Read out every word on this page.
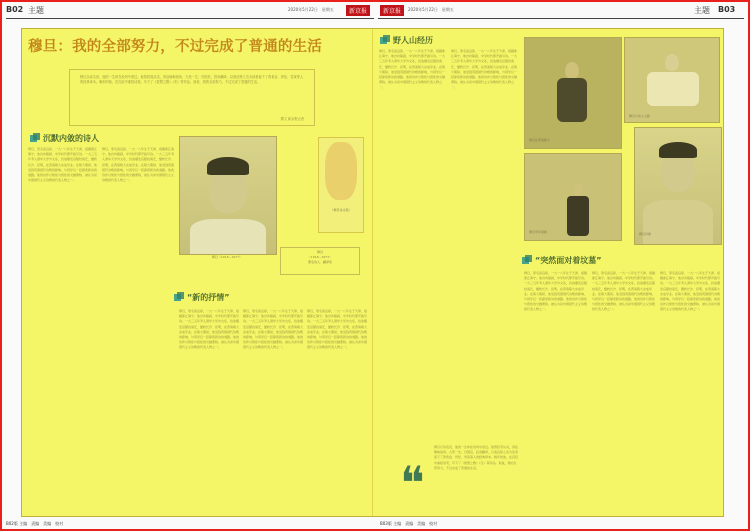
B02 主题	2020年5月22日　星期五	新京报	新京报	2020年5月22日　星期五	主题 B03
穆旦：我的全部努力，不过完成了普通的生活
穆旦以诗名世，他的一生却在坎坷中度过。他曾投笔从戎，奔赴缅甸战场，九死一生；归国后，投身翻译，以查良铮之名为读者留下了普希金、拜伦、雪莱等人的经典译本。晚年的他，在沉寂中重拾诗笔，写下了《智慧之歌》《冬》等作品。他说，我的全部努力，不过完成了普通的生活。
撰文 新京报记者
沉默内敛的诗人
穆旦，原名查良铮，一九一八年生于天津，祖籍浙江海宁。他自幼聪颖，中学时代即开始写诗。一九三五年考入清华大学外文系，抗战爆发后随校南迁，辗转长沙、昆明，在西南联大完成学业。在联大期间，他受到英国现代诗歌的影响，与同学们一起探索新诗的道路。他的诗作以智性与感性的交融著称，被认为是中国现代主义诗歌的代表人物之一。
穆旦，原名查良铮，一九一八年生于天津，祖籍浙江海宁。他自幼聪颖，中学时代即开始写诗。一九三五年考入清华大学外文系，抗战爆发后随校南迁，辗转长沙、昆明，在西南联大完成学业。在联大期间，他受到英国现代诗歌的影响，与同学们一起探索新诗的道路。他的诗作以智性与感性的交融著称，被认为是中国现代主义诗歌的代表人物之一。
《穆旦诗文集》
穆旦
（1918—1977）
著名诗人、翻译家
穆旦（1918—1977）
“新的抒情”
穆旦，原名查良铮，一九一八年生于天津，祖籍浙江海宁。他自幼聪颖，中学时代即开始写诗。一九三五年考入清华大学外文系，抗战爆发后随校南迁，辗转长沙、昆明，在西南联大完成学业。在联大期间，他受到英国现代诗歌的影响，与同学们一起探索新诗的道路。他的诗作以智性与感性的交融著称，被认为是中国现代主义诗歌的代表人物之一。
穆旦，原名查良铮，一九一八年生于天津，祖籍浙江海宁。他自幼聪颖，中学时代即开始写诗。一九三五年考入清华大学外文系，抗战爆发后随校南迁，辗转长沙、昆明，在西南联大完成学业。在联大期间，他受到英国现代诗歌的影响，与同学们一起探索新诗的道路。他的诗作以智性与感性的交融著称，被认为是中国现代主义诗歌的代表人物之一。
穆旦，原名查良铮，一九一八年生于天津，祖籍浙江海宁。他自幼聪颖，中学时代即开始写诗。一九三五年考入清华大学外文系，抗战爆发后随校南迁，辗转长沙、昆明，在西南联大完成学业。在联大期间，他受到英国现代诗歌的影响，与同学们一起探索新诗的道路。他的诗作以智性与感性的交融著称，被认为是中国现代主义诗歌的代表人物之一。
野人山经历
穆旦，原名查良铮，一九一八年生于天津，祖籍浙江海宁。他自幼聪颖，中学时代即开始写诗。一九三五年考入清华大学外文系，抗战爆发后随校南迁，辗转长沙、昆明，在西南联大完成学业。在联大期间，他受到英国现代诗歌的影响，与同学们一起探索新诗的道路。他的诗作以智性与感性的交融著称，被认为是中国现代主义诗歌的代表人物之一。
穆旦，原名查良铮，一九一八年生于天津，祖籍浙江海宁。他自幼聪颖，中学时代即开始写诗。一九三五年考入清华大学外文系，抗战爆发后随校南迁，辗转长沙、昆明，在西南联大完成学业。在联大期间，他受到英国现代诗歌的影响，与同学们一起探索新诗的道路。他的诗作以智性与感性的交融著称，被认为是中国现代主义诗歌的代表人物之一。
穆旦在西南联大
穆旦与家人合影
穆旦早年留影	穆旦肖像
“突然面对着坟墓”
穆旦，原名查良铮，一九一八年生于天津，祖籍浙江海宁。他自幼聪颖，中学时代即开始写诗。一九三五年考入清华大学外文系，抗战爆发后随校南迁，辗转长沙、昆明，在西南联大完成学业。在联大期间，他受到英国现代诗歌的影响，与同学们一起探索新诗的道路。他的诗作以智性与感性的交融著称，被认为是中国现代主义诗歌的代表人物之一。
穆旦，原名查良铮，一九一八年生于天津，祖籍浙江海宁。他自幼聪颖，中学时代即开始写诗。一九三五年考入清华大学外文系，抗战爆发后随校南迁，辗转长沙、昆明，在西南联大完成学业。在联大期间，他受到英国现代诗歌的影响，与同学们一起探索新诗的道路。他的诗作以智性与感性的交融著称，被认为是中国现代主义诗歌的代表人物之一。
穆旦，原名查良铮，一九一八年生于天津，祖籍浙江海宁。他自幼聪颖，中学时代即开始写诗。一九三五年考入清华大学外文系，抗战爆发后随校南迁，辗转长沙、昆明，在西南联大完成学业。在联大期间，他受到英国现代诗歌的影响，与同学们一起探索新诗的道路。他的诗作以智性与感性的交融著称，被认为是中国现代主义诗歌的代表人物之一。
穆旦以诗名世，他的一生却在坎坷中度过。他曾投笔从戎，奔赴缅甸战场，九死一生；归国后，投身翻译，以查良铮之名为读者留下了普希金、拜伦、雪莱等人的经典译本。晚年的他，在沉寂中重拾诗笔，写下了《智慧之歌》《冬》等作品。他说，我的全部努力，不过完成了普通的生活。
❝
B02版 主编　责编　美编　校对	B03版 主编　责编　美编　校对
